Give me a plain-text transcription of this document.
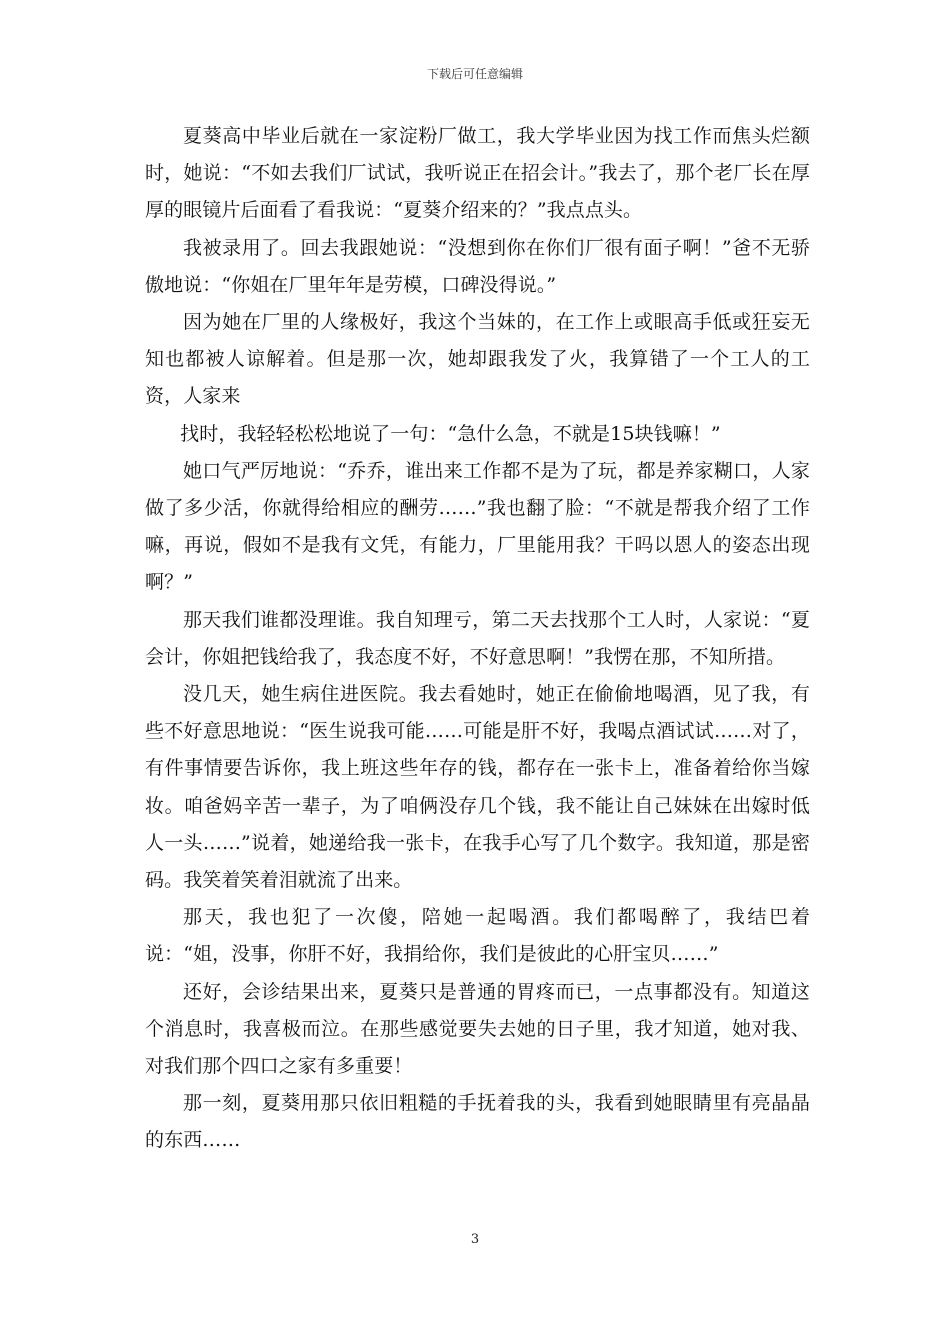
下载后可任意编辑

夏葵高中毕业后就在一家淀粉厂做工，我大学毕业因为找工作而焦头烂额时，她说：“不如去我们厂试试，我听说正在招会计。”我去了，那个老厂长在厚厚的眼镜片后面看了看我说：“夏葵介绍来的？”我点点头。

我被录用了。回去我跟她说：“没想到你在你们厂很有面子啊！”爸不无骄傲地说：“你姐在厂里年年是劳模，口碑没得说。”

因为她在厂里的人缘极好，我这个当妹的，在工作上或眼高手低或狂妄无知也都被人谅解着。但是那一次，她却跟我发了火，我算错了一个工人的工资，人家来

找时，我轻轻松松地说了一句：“急什么急，不就是15块钱嘛！”

她口气严厉地说：“乔乔，谁出来工作都不是为了玩，都是养家糊口，人家做了多少活，你就得给相应的酬劳……”我也翻了脸：“不就是帮我介绍了工作嘛，再说，假如不是我有文凭，有能力，厂里能用我？干吗以恩人的姿态出现啊？”

那天我们谁都没理谁。我自知理亏，第二天去找那个工人时，人家说：“夏会计，你姐把钱给我了，我态度不好，不好意思啊！”我愣在那，不知所措。

没几天，她生病住进医院。我去看她时，她正在偷偷地喝酒，见了我，有些不好意思地说：“医生说我可能……可能是肝不好，我喝点酒试试……对了，有件事情要告诉你，我上班这些年存的钱，都存在一张卡上，准备着给你当嫁妆。咱爸妈辛苦一辈子，为了咱俩没存几个钱，我不能让自己妹妹在出嫁时低人一头……”说着，她递给我一张卡，在我手心写了几个数字。我知道，那是密码。我笑着笑着泪就流了出来。

那天，我也犯了一次傻，陪她一起喝酒。我们都喝醉了，我结巴着说：“姐，没事，你肝不好，我捐给你，我们是彼此的心肝宝贝……”

还好，会诊结果出来，夏葵只是普通的胃疼而已，一点事都没有。知道这个消息时，我喜极而泣。在那些感觉要失去她的日子里，我才知道，她对我、对我们那个四口之家有多重要！

那一刻，夏葵用那只依旧粗糙的手抚着我的头，我看到她眼睛里有亮晶晶的东西……

3
